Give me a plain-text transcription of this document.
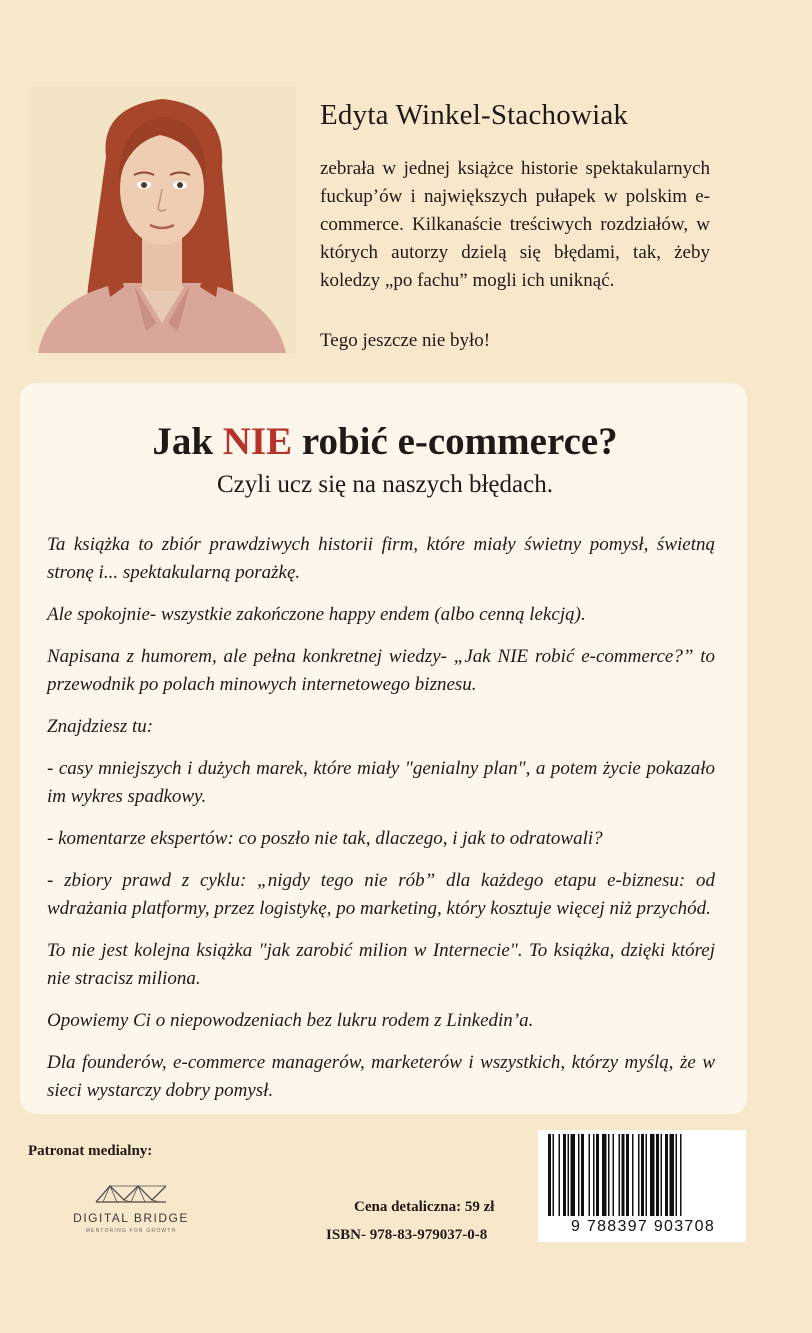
Edyta Winkel-Stachowiak

zebrała w jednej książce historie spektakularnych fuckup’ów i największych pułapek w polskim e-commerce. Kilkanaście treściwych rozdziałów, w których autorzy dzielą się błędami, tak, żeby koledzy „po fachu” mogli ich uniknąć.

Tego jeszcze nie było!

Jak NIE robić e-commerce?
Czyli ucz się na naszych błędach.

Ta książka to zbiór prawdziwych historii firm, które miały świetny pomysł, świetną stronę i... spektakularną porażkę.

Ale spokojnie- wszystkie zakończone happy endem (albo cenną lekcją).

Napisana z humorem, ale pełna konkretnej wiedzy- „Jak NIE robić e-commerce?” to przewodnik po polach minowych internetowego biznesu.

Znajdziesz tu:

- casy mniejszych i dużych marek, które miały "genialny plan", a potem życie pokazało im wykres spadkowy.

- komentarze ekspertów: co poszło nie tak, dlaczego, i jak to odratowali?

- zbiory prawd z cyklu: „nigdy tego nie rób” dla każdego etapu e-biznesu: od wdrażania platformy, przez logistykę, po marketing, który kosztuje więcej niż przychód.

To nie jest kolejna książka "jak zarobić milion w Internecie". To książka, dzięki której nie stracisz miliona.

Opowiemy Ci o niepowodzeniach bez lukru rodem z Linkedin’a.

Dla founderów, e-commerce managerów, marketerów i wszystkich, którzy myślą, że w sieci wystarczy dobry pomysł.

Patronat medialny:
DIGITAL BRIDGE
MENTORING FOR GROWTH
Cena detaliczna: 59 zł
ISBN- 978-83-979037-0-8	9 788397 903708
